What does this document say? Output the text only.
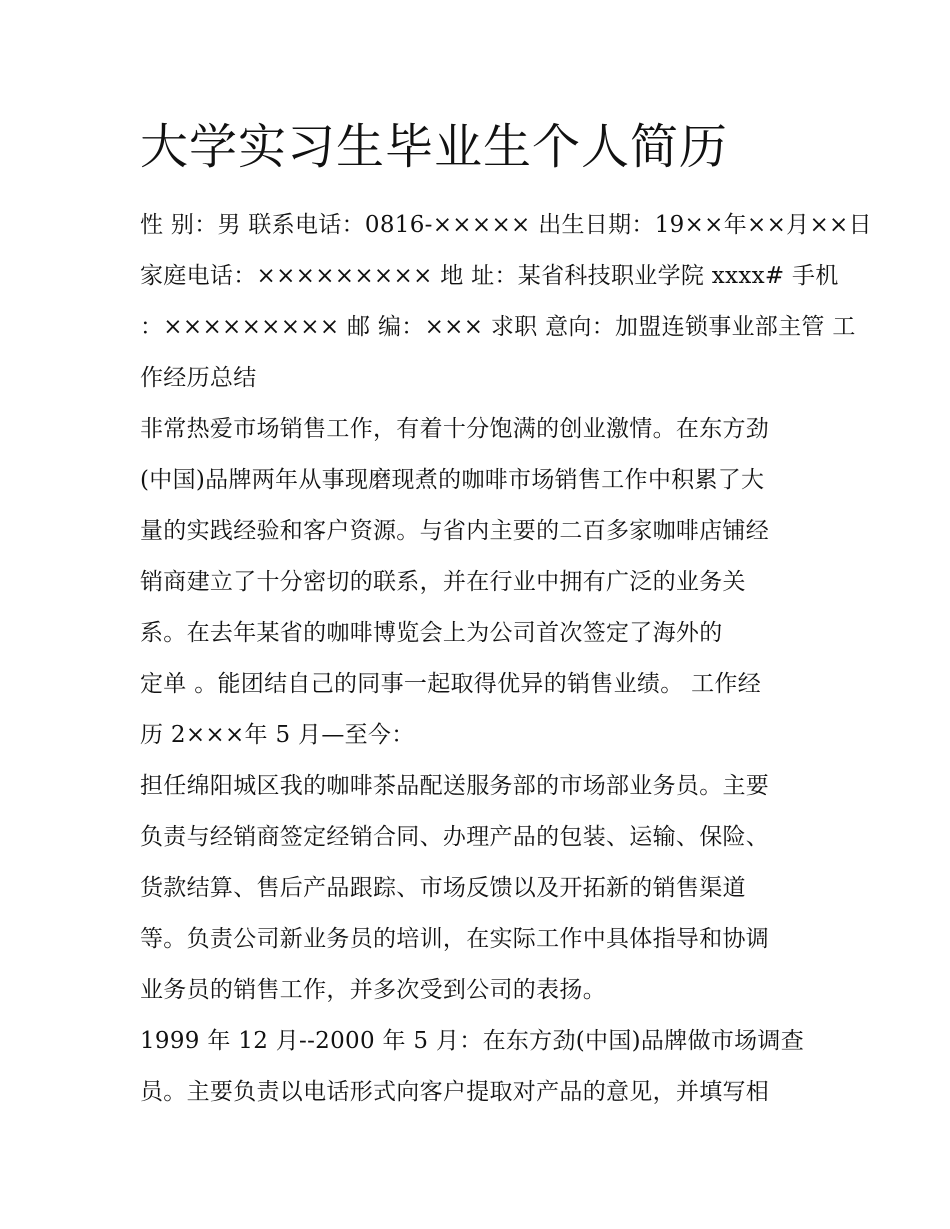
大学实习生毕业生个人简历
性 别：男 联系电话：0816-××××× 出生日期：19××年××月××日
家庭电话：××××××××× 地 址：某省科技职业学院 xxxx# 手机
：××××××××× 邮 编：××× 求职 意向：加盟连锁事业部主管 工
作经历总结
非常热爱市场销售工作，有着十分饱满的创业激情。在东方劲
(中国)品牌两年从事现磨现煮的咖啡市场销售工作中积累了大
量的实践经验和客户资源。与省内主要的二百多家咖啡店铺经
销商建立了十分密切的联系，并在行业中拥有广泛的业务关
系。在去年某省的咖啡博览会上为公司首次签定了海外的
定单 。能团结自己的同事一起取得优异的销售业绩。 工作经
历 2×××年 5 月—至今：
担任绵阳城区我的咖啡茶品配送服务部的市场部业务员。主要
负责与经销商签定经销合同、办理产品的包装、运输、保险、
货款结算、售后产品跟踪、市场反馈以及开拓新的销售渠道
等。负责公司新业务员的培训，在实际工作中具体指导和协调
业务员的销售工作，并多次受到公司的表扬。
1999 年 12 月--2000 年 5 月：在东方劲(中国)品牌做市场调查
员。主要负责以电话形式向客户提取对产品的意见，并填写相
